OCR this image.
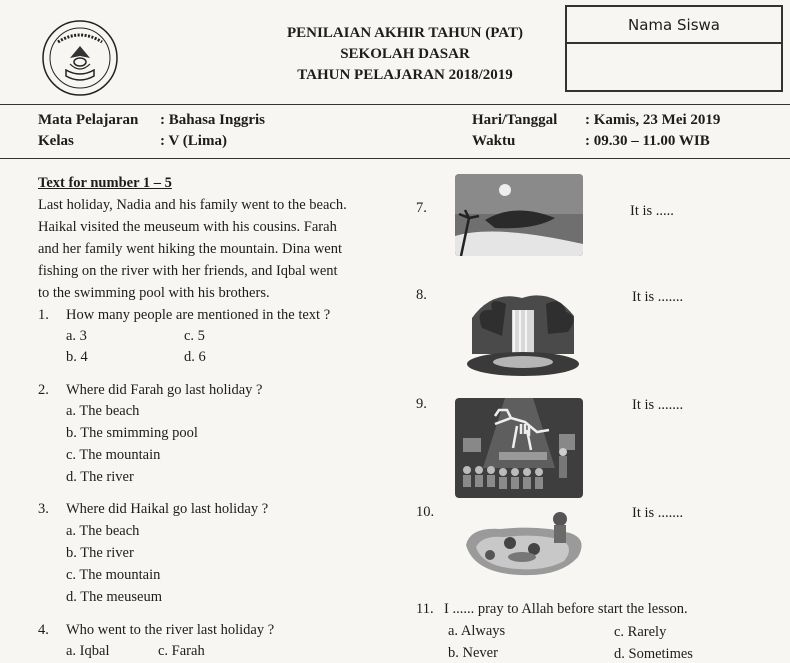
PENILAIAN AKHIR TAHUN (PAT)
SEKOLAH DASAR
TAHUN PELAJARAN 2018/2019
Nama Siswa
Mata Pelajaran : Bahasa Inggris
Kelas	: V (Lima)
Hari/Tanggal : Kamis, 23 Mei 2019
Waktu	: 09.30 – 11.00 WIB
Text for number 1 – 5
Last holiday, Nadia and his family went to the beach.
Haikal visited the meuseum with his cousins. Farah
and her family went hiking the mountain. Dina went
fishing on the river with her friends, and Iqbal went
to the swimming pool with his brothers.
1. How many people are mentioned in the text ?
a. 3	c. 5
b. 4	d. 6
2. Where did Farah go last holiday ?
a. The beach
b. The smimming pool
c. The mountain
d. The river
3. Where did Haikal go last holiday ?
a. The beach
b. The river
c. The mountain
d. The meuseum
4. Who went to the river last holiday ?
a. Iqbal	c. Farah
7.	It is .....
8.	It is .......
9.	It is .......
10.	It is .......
11. I ...... pray to Allah before start the lesson.
a. Always	c. Rarely
b. Never	d. Sometimes
